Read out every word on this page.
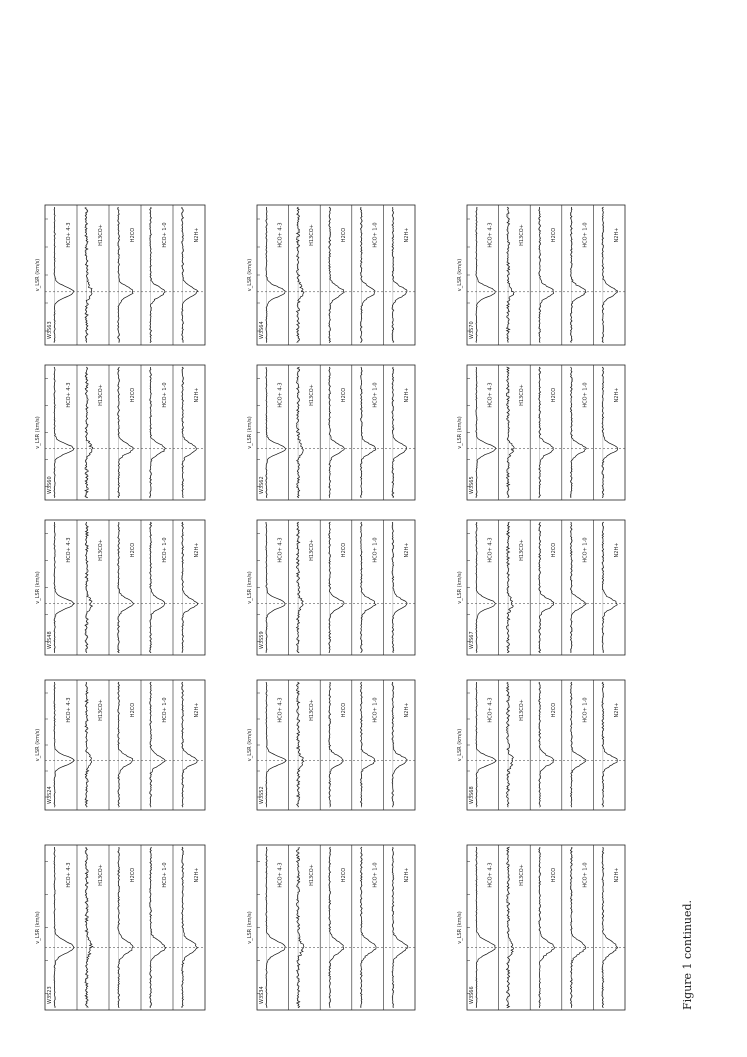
HCO+ 4-3	H13CO+	H2CO	HCO+ 1-0	N2H+
W3S63
v_LSR (km/s)
HCO+ 4-3	H13CO+	H2CO	HCO+ 1-0	N2H+
W3S64
v_LSR (km/s)
HCO+ 4-3	H13CO+	H2CO	HCO+ 1-0	N2H+
W3S70
v_LSR (km/s)
HCO+ 4-3	H13CO+	H2CO	HCO+ 1-0	N2H+
W3S60
v_LSR (km/s)
HCO+ 4-3	H13CO+	H2CO	HCO+ 1-0	N2H+
W3S62
v_LSR (km/s)
HCO+ 4-3	H13CO+	H2CO	HCO+ 1-0	N2H+
W3S65
v_LSR (km/s)
HCO+ 4-3	H13CO+	H2CO	HCO+ 1-0	N2H+
W3S48
v_LSR (km/s)
HCO+ 4-3	H13CO+	H2CO	HCO+ 1-0	N2H+
W3S59
v_LSR (km/s)
HCO+ 4-3	H13CO+	H2CO	HCO+ 1-0	N2H+
W3S67
v_LSR (km/s)
HCO+ 4-3	H13CO+	H2CO	HCO+ 1-0	N2H+
W3S24
v_LSR (km/s)
HCO+ 4-3	H13CO+	H2CO	HCO+ 1-0	N2H+
W3S52
v_LSR (km/s)
HCO+ 4-3	H13CO+	H2CO	HCO+ 1-0	N2H+
W3S68
v_LSR (km/s)
HCO+ 4-3	H13CO+	H2CO	HCO+ 1-0	N2H+
W3S23
v_LSR (km/s)
HCO+ 4-3	H13CO+	H2CO	HCO+ 1-0	N2H+
W3S34
v_LSR (km/s)
HCO+ 4-3	H13CO+	H2CO	HCO+ 1-0	N2H+
W3S66
v_LSR (km/s)	Figure 1 continued.
